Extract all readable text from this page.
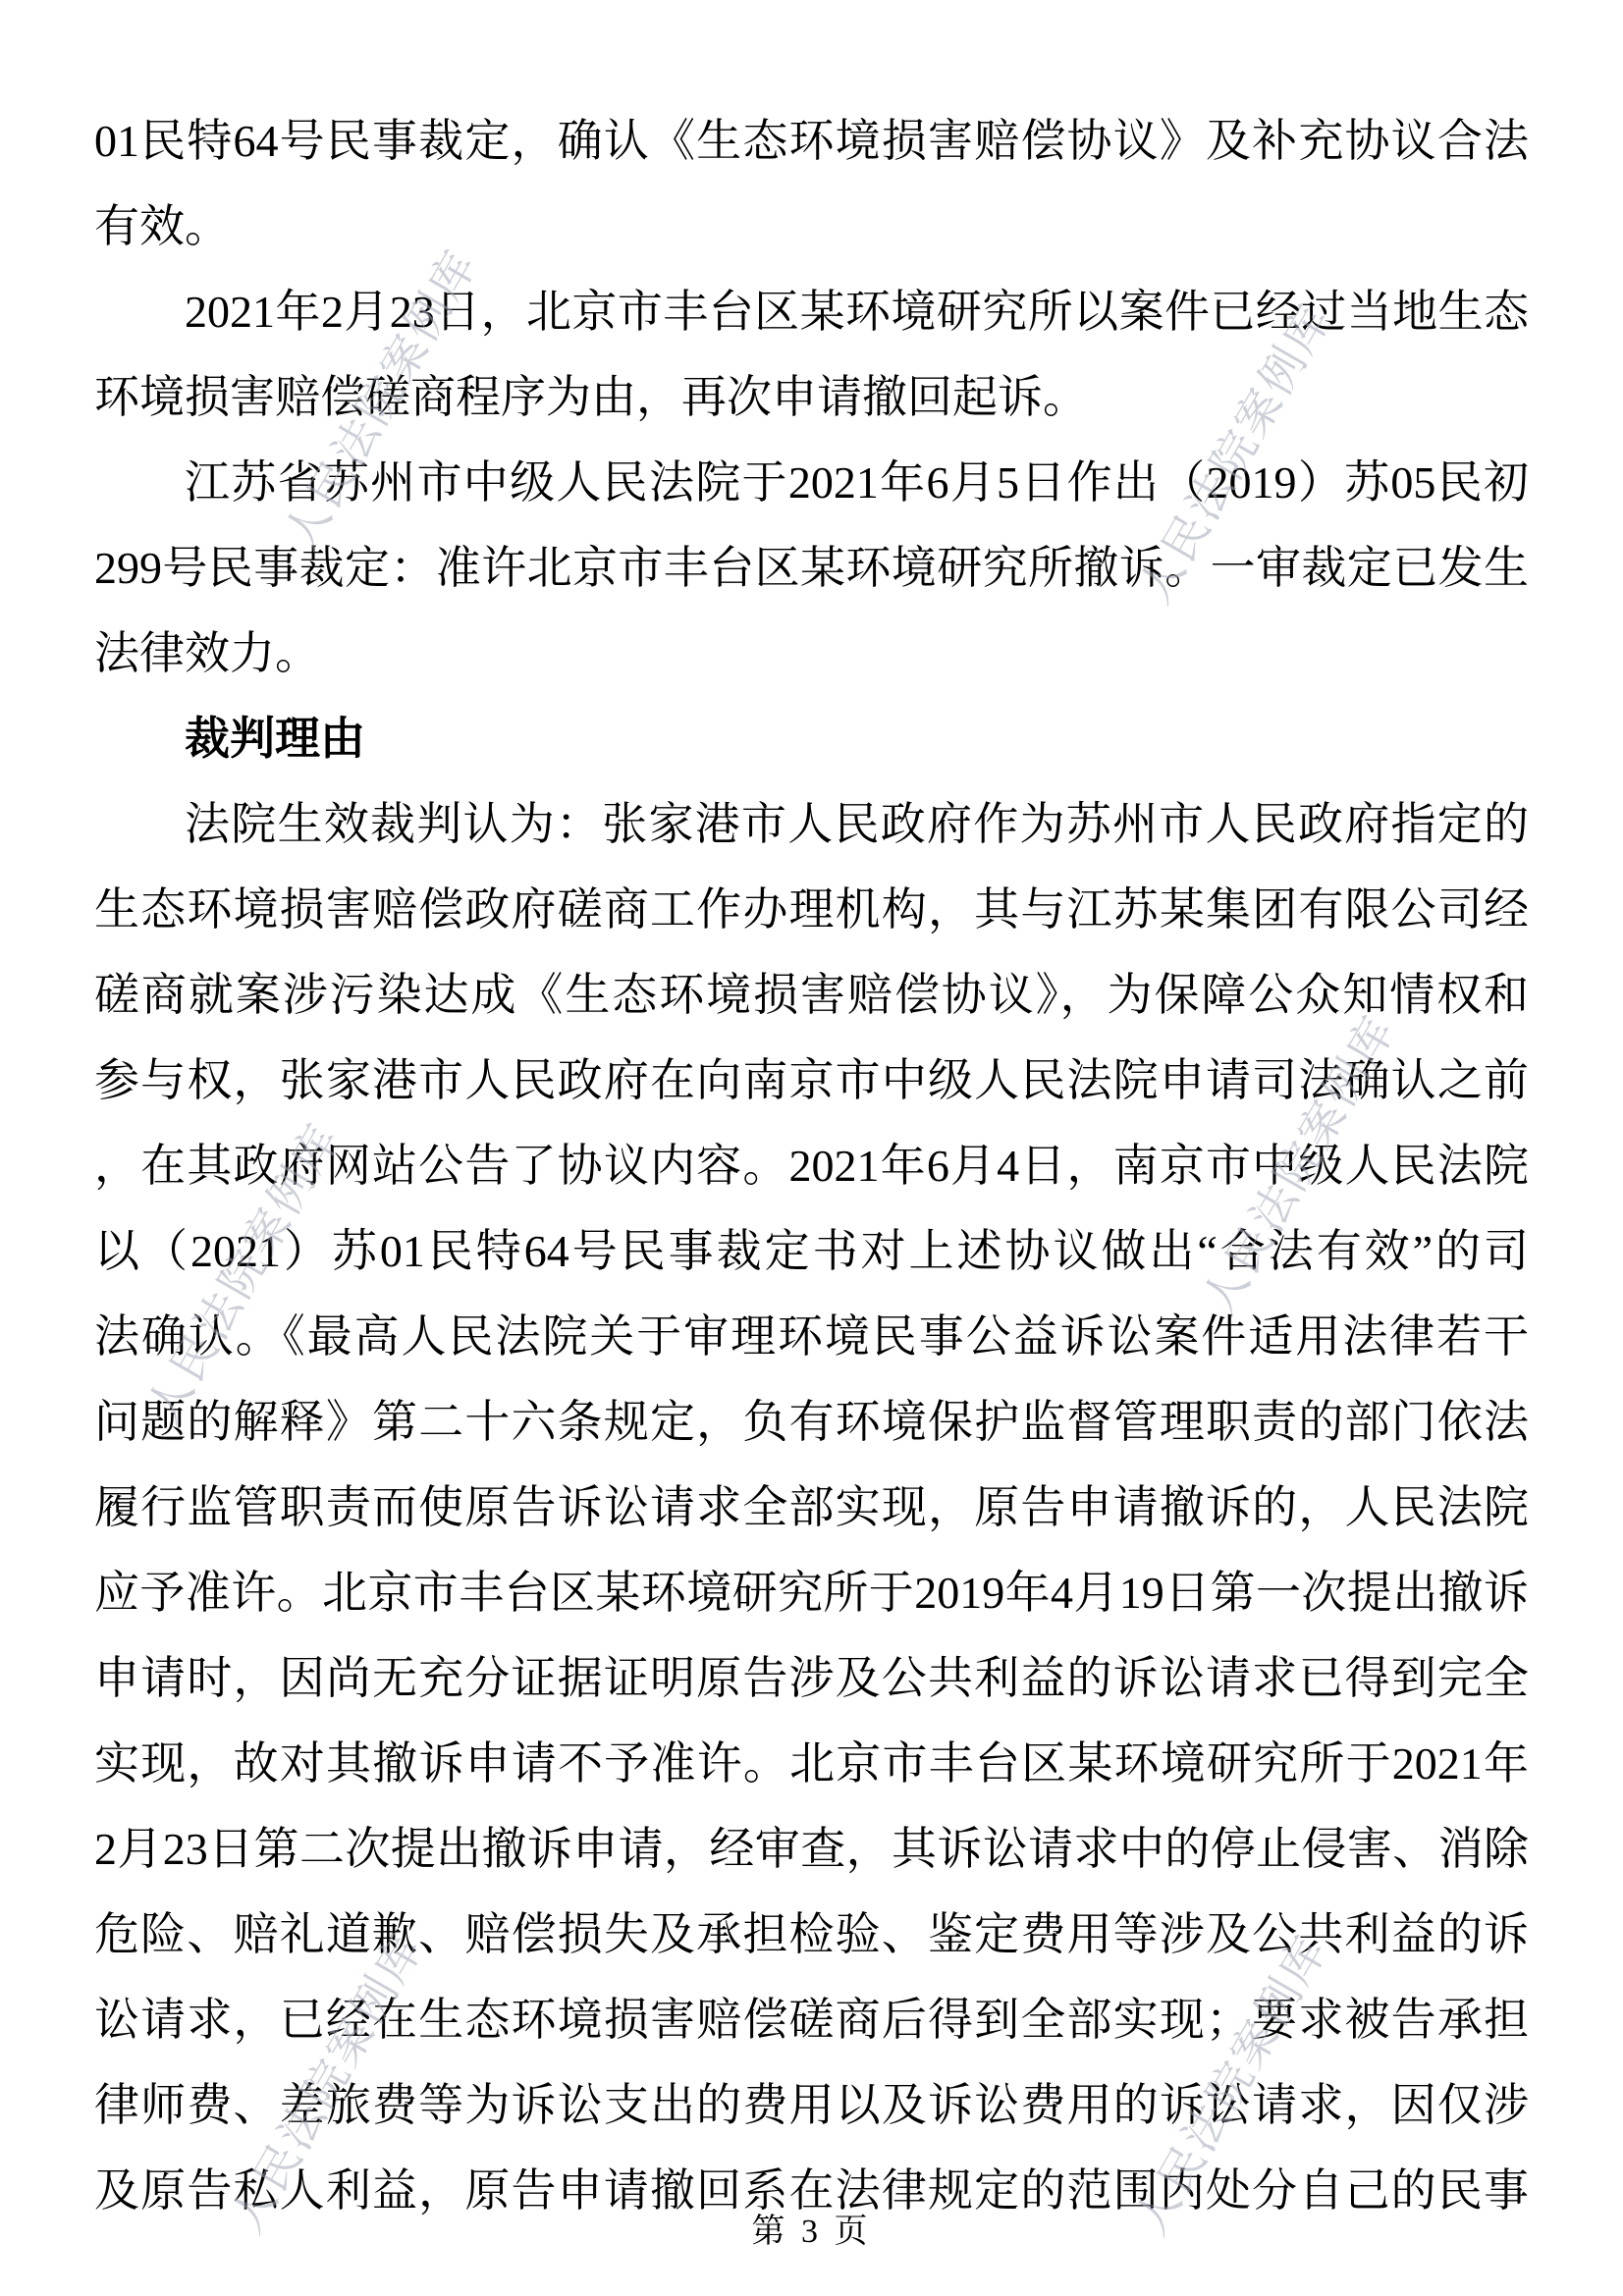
01民特64号民事裁定，确认《生态环境损害赔偿协议》及补充协议合法
有效。
2021年2月23日，北京市丰台区某环境研究所以案件已经过当地生态
环境损害赔偿磋商程序为由，再次申请撤回起诉。
江苏省苏州市中级人民法院于2021年6月5日作出（2019）苏05民初
299号民事裁定：准许北京市丰台区某环境研究所撤诉。一审裁定已发生
法律效力。
裁判理由
法院生效裁判认为：张家港市人民政府作为苏州市人民政府指定的
生态环境损害赔偿政府磋商工作办理机构，其与江苏某集团有限公司经
磋商就案涉污染达成《生态环境损害赔偿协议》，为保障公众知情权和
参与权，张家港市人民政府在向南京市中级人民法院申请司法确认之前
，在其政府网站公告了协议内容。2021年6月4日，南京市中级人民法院
以（2021）苏01民特64号民事裁定书对上述协议做出“合法有效”的司
法确认。《最高人民法院关于审理环境民事公益诉讼案件适用法律若干
问题的解释》第二十六条规定，负有环境保护监督管理职责的部门依法
履行监管职责而使原告诉讼请求全部实现，原告申请撤诉的，人民法院
应予准许。北京市丰台区某环境研究所于2019年4月19日第一次提出撤诉
申请时，因尚无充分证据证明原告涉及公共利益的诉讼请求已得到完全
实现，故对其撤诉申请不予准许。北京市丰台区某环境研究所于2021年
2月23日第二次提出撤诉申请，经审查，其诉讼请求中的停止侵害、消除
危险、赔礼道歉、赔偿损失及承担检验、鉴定费用等涉及公共利益的诉
讼请求，已经在生态环境损害赔偿磋商后得到全部实现；要求被告承担
律师费、差旅费等为诉讼支出的费用以及诉讼费用的诉讼请求，因仅涉
及原告私人利益，原告申请撤回系在法律规定的范围内处分自己的民事
人民法院案例库	人民法院案例库
人民法院案例库	人民法院案例库
人民法院案例库	人民法院案例库
第 3 页
